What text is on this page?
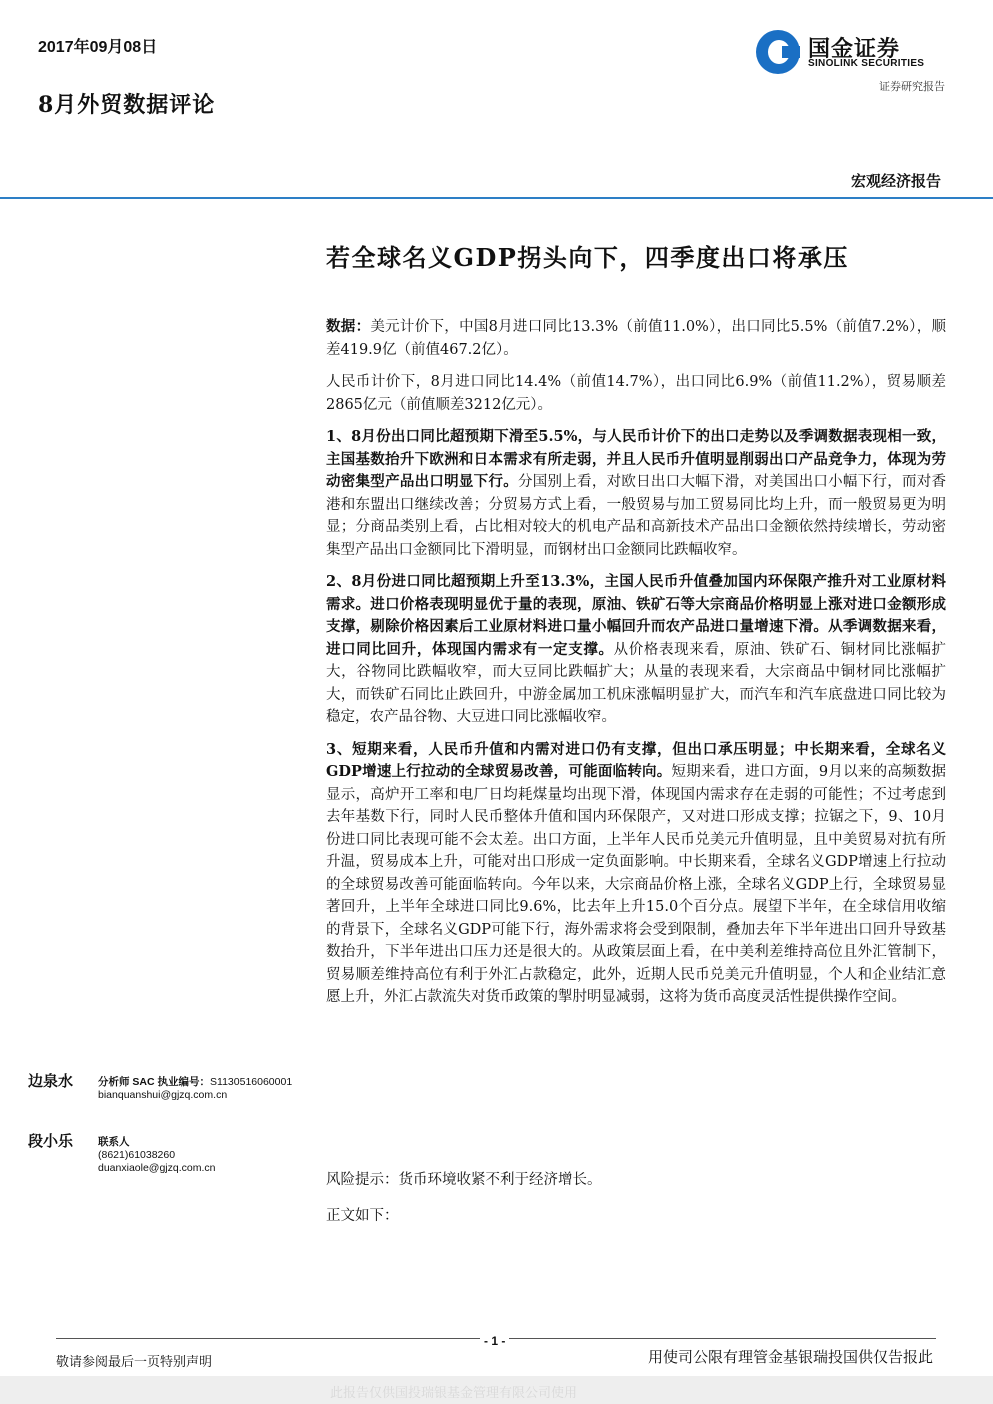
2017年09月08日
8月外贸数据评论
国金证券
SINOLINK SECURITIES
证券研究报告
宏观经济报告
若全球名义GDP拐头向下，四季度出口将承压

数据：美元计价下，中国8月进口同比13.3%（前值11.0%），出口同比5.5%（前值7.2%），顺差419.9亿（前值467.2亿）。

人民币计价下，8月进口同比14.4%（前值14.7%），出口同比6.9%（前值11.2%），贸易顺差2865亿元（前值顺差3212亿元）。

1、8月份出口同比超预期下滑至5.5%，与人民币计价下的出口走势以及季调数据表现相一致，主国基数抬升下欧洲和日本需求有所走弱，并且人民币升值明显削弱出口产品竞争力，体现为劳动密集型产品出口明显下行。分国别上看，对欧日出口大幅下滑，对美国出口小幅下行，而对香港和东盟出口继续改善；分贸易方式上看，一般贸易与加工贸易同比均上升，而一般贸易更为明显；分商品类别上看，占比相对较大的机电产品和高新技术产品出口金额依然持续增长，劳动密集型产品出口金额同比下滑明显，而钢材出口金额同比跌幅收窄。

2、8月份进口同比超预期上升至13.3%，主国人民币升值叠加国内环保限产推升对工业原材料需求。进口价格表现明显优于量的表现，原油、铁矿石等大宗商品价格明显上涨对进口金额形成支撑，剔除价格因素后工业原材料进口量小幅回升而农产品进口量增速下滑。从季调数据来看，进口同比回升，体现国内需求有一定支撑。从价格表现来看，原油、铁矿石、铜材同比涨幅扩大，谷物同比跌幅收窄，而大豆同比跌幅扩大；从量的表现来看，大宗商品中铜材同比涨幅扩大，而铁矿石同比止跌回升，中游金属加工机床涨幅明显扩大，而汽车和汽车底盘进口同比较为稳定，农产品谷物、大豆进口同比涨幅收窄。

3、短期来看，人民币升值和内需对进口仍有支撑，但出口承压明显；中长期来看，全球名义GDP增速上行拉动的全球贸易改善，可能面临转向。短期来看，进口方面，9月以来的高频数据显示，高炉开工率和电厂日均耗煤量均出现下滑，体现国内需求存在走弱的可能性；不过考虑到去年基数下行，同时人民币整体升值和国内环保限产，又对进口形成支撑；拉锯之下，9、10月份进口同比表现可能不会太差。出口方面，上半年人民币兑美元升值明显，且中美贸易对抗有所升温，贸易成本上升，可能对出口形成一定负面影响。中长期来看，全球名义GDP增速上行拉动的全球贸易改善可能面临转向。今年以来，大宗商品价格上涨，全球名义GDP上行，全球贸易显著回升，上半年全球进口同比9.6%，比去年上升15.0个百分点。展望下半年，在全球信用收缩的背景下，全球名义GDP可能下行，海外需求将会受到限制，叠加去年下半年进出口回升导致基数抬升，下半年进出口压力还是很大的。从政策层面上看，在中美利差维持高位且外汇管制下，贸易顺差维持高位有利于外汇占款稳定，此外，近期人民币兑美元升值明显，个人和企业结汇意愿上升，外汇占款流失对货币政策的掣肘明显减弱，这将为货币高度灵活性提供操作空间。

边泉水 分析师 SAC 执业编号：S1130516060001
bianquanshui@gjzq.com.cn
段小乐 联系人
(8621)61038260
duanxiaole@gjzq.com.cn
风险提示：货币环境收紧不利于经济增长。
正文如下：
- 1 -
敬请参阅最后一页特别声明	用使司公限有理管金基银瑞投国供仅告报此
此报告仅供国投瑞银基金管理有限公司使用
